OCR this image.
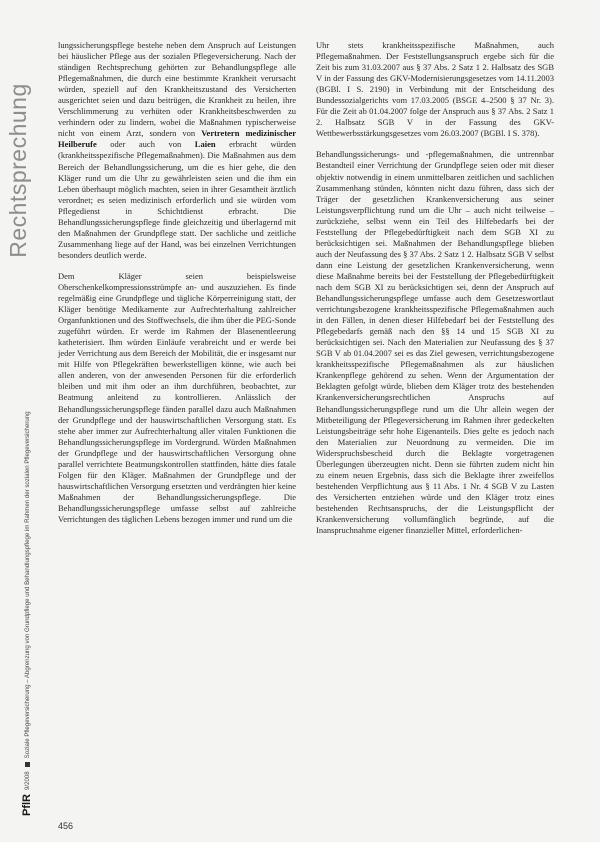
Rechtsprechung
PflR
9/2008
Soziale Pflegeversicherung – Abgrenzung von Grundpflege und Behandlungspflege im Rahmen der sozialen Pflegeversicherung

lungssicherungspflege bestehe neben dem Anspruch auf Leistungen bei häuslicher Pflege aus der sozialen Pflegeversicherung. Nach der ständigen Rechtsprechung gehörten zur Behandlungspflege alle Pflegemaßnahmen, die durch eine bestimmte Krankheit verursacht würden, speziell auf den Krankheitszustand des Versicherten ausgerichtet seien und dazu beitrügen, die Krankheit zu heilen, ihre Verschlimmerung zu verhüten oder Krankheitsbeschwerden zu verhindern oder zu lindern, wobei die Maßnahmen typischerweise nicht von einem Arzt, sondern von Vertretern medizinischer Heilberufe oder auch von Laien erbracht würden (krankheitsspezifische Pflegemaßnahmen). Die Maßnahmen aus dem Bereich der Behandlungssicherung, um die es hier gehe, die den Kläger rund um die Uhr zu gewährleisten seien und die ihm ein Leben überhaupt möglich machten, seien in ihrer Gesamtheit ärztlich verordnet; es seien medizinisch erforderlich und sie würden vom Pflegedienst in Schichtdienst erbracht. Die Behandlungssicherungspflege finde gleichzeitig und überlagernd mit den Maßnahmen der Grundpflege statt. Der sachliche und zeitliche Zusammenhang liege auf der Hand, was bei einzelnen Verrichtungen besonders deutlich werde.

Dem Kläger seien beispielsweise Oberschenkelkompressionsstrümpfe an- und auszuziehen. Es finde regelmäßig eine Grundpflege und tägliche Körperreinigung statt, der Kläger benötige Medikamente zur Aufrechterhaltung zahlreicher Organfunktionen und des Stoffwechsels, die ihm über die PEG-Sonde zugeführt würden. Er werde im Rahmen der Blasenentleerung katheterisiert. Ihm würden Einläufe verabreicht und er werde bei jeder Verrichtung aus dem Bereich der Mobilität, die er insgesamt nur mit Hilfe von Pflegekräften bewerkstelligen könne, wie auch bei allen anderen, von der anwesenden Personen für die erforderlich bleiben und mit ihm oder an ihm durchführen, beobachtet, zur Beatmung anleitend zu kontrollieren. Anlässlich der Behandlungssicherungspflege fänden parallel dazu auch Maßnahmen der Grundpflege und der hauswirtschaftlichen Versorgung statt. Es stehe aber immer zur Aufrechterhaltung aller vitalen Funktionen die Behandlungssicherungspflege im Vordergrund. Würden Maßnahmen der Grundpflege und der hauswirtschaftlichen Versorgung ohne parallel verrichtete Beatmungskontrollen stattfinden, hätte dies fatale Folgen für den Kläger. Maßnahmen der Grundpflege und der hauswirtschaftlichen Versorgung ersetzten und verdrängten hier keine Maßnahmen der Behandlungssicherungspflege. Die Behandlungssicherungspflege umfasse selbst auf zahlreiche Verrichtungen des täglichen Lebens bezogen immer und rund um die

Uhr stets krankheitsspezifische Maßnahmen, auch Pflegemaßnahmen. Der Feststellungsanspruch ergebe sich für die Zeit bis zum 31.03.2007 aus § 37 Abs. 2 Satz 1 2. Halbsatz des SGB V in der Fassung des GKV-Modernisierungsgesetzes vom 14.11.2003 (BGBl. I S. 2190) in Verbindung mit der Entscheidung des Bundessozialgerichts vom 17.03.2005 (BSGE 4–2500 § 37 Nr. 3). Für die Zeit ab 01.04.2007 folge der Anspruch aus § 37 Abs. 2 Satz 1 2. Halbsatz SGB V in der Fassung des GKV-Wettbewerbsstärkungsgesetzes vom 26.03.2007 (BGBl. I S. 378).

Behandlungssicherungs- und -pflegemaßnahmen, die untrennbar Bestandteil einer Verrichtung der Grundpflege seien oder mit dieser objektiv notwendig in einem unmittelbaren zeitlichen und sachlichen Zusammenhang stünden, könnten nicht dazu führen, dass sich der Träger der gesetzlichen Krankenversicherung aus seiner Leistungsverpflichtung rund um die Uhr – auch nicht teilweise – zurückziehe, selbst wenn ein Teil des Hilfebedarfs bei der Feststellung der Pflegebedürftigkeit nach dem SGB XI zu berücksichtigen sei. Maßnahmen der Behandlungspflege blieben auch der Neufassung des § 37 Abs. 2 Satz 1 2. Halbsatz SGB V selbst dann eine Leistung der gesetzlichen Krankenversicherung, wenn diese Maßnahme bereits bei der Feststellung der Pflegebedürftigkeit nach dem SGB XI zu berücksichtigen sei, denn der Anspruch auf Behandlungssicherungspflege umfasse auch dem Gesetzeswortlaut verrichtungsbezogene krankheitsspezifische Pflegemaßnahmen auch in den Fällen, in denen dieser Hilfebedarf bei der Feststellung des Pflegebedarfs gemäß nach den §§ 14 und 15 SGB XI zu berücksichtigen sei. Nach den Materialien zur Neufassung des § 37 SGB V ab 01.04.2007 sei es das Ziel gewesen, verrichtungsbezogene krankheitsspezifische Pflegemaßnahmen als zur häuslichen Krankenpflege gehörend zu sehen. Wenn der Argumentation der Beklagten gefolgt würde, blieben dem Kläger trotz des bestehenden Krankenversicherungsrechtlichen Anspruchs auf Behandlungssicherungspflege rund um die Uhr allein wegen der Mitbeteiligung der Pflegeversicherung im Rahmen ihrer gedeckelten Leistungsbeiträge sehr hohe Eigenanteils. Dies gelte es jedoch nach den Materialien zur Neuordnung zu vermeiden. Die im Widerspruchsbescheid durch die Beklagte vorgetragenen Überlegungen überzeugten nicht. Denn sie führten zudem nicht hin zu einem neuen Ergebnis, dass sich die Beklagte ihrer zweifellos bestehenden Verpflichtung aus § 11 Abs. 1 Nr. 4 SGB V zu Lasten des Versicherten entziehen würde und den Kläger trotz eines bestehenden Rechtsanspruchs, der die Leistungspflicht der Krankenversicherung vollumfänglich begründe, auf die Inanspruchnahme eigener finanzieller Mittel, erforderlichen-

456
